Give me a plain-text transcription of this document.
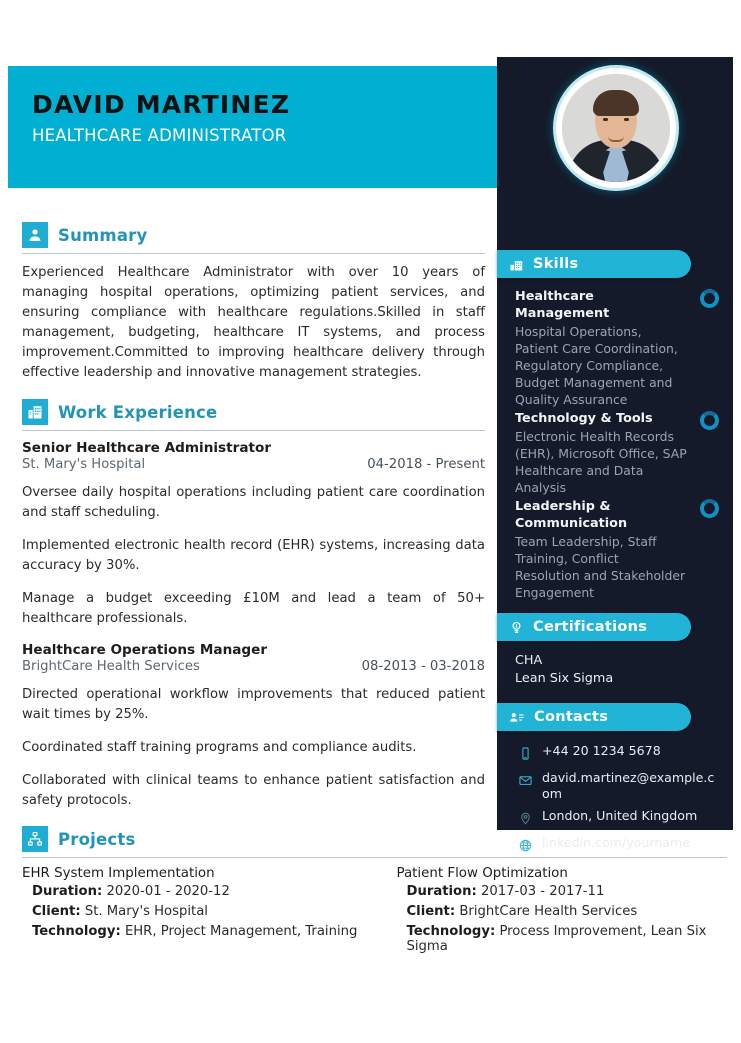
DAVID MARTINEZ
HEALTHCARE ADMINISTRATOR
Summary

Experienced Healthcare Administrator with over 10 years of managing hospital operations, optimizing patient services, and ensuring compliance with healthcare regulations.Skilled in staff management, budgeting, healthcare IT systems, and process improvement.Committed to improving healthcare delivery through effective leadership and innovative management strategies.

Work Experience

Senior Healthcare Administrator

St. Mary's Hospital	04-2018 - Present

Oversee daily hospital operations including patient care coordination and staff scheduling.

Implemented electronic health record (EHR) systems, increasing data accuracy by 30%.

Manage a budget exceeding £10M and lead a team of 50+ healthcare professionals.

Healthcare Operations Manager

BrightCare Health Services	08-2013 - 03-2018

Directed operational workflow improvements that reduced patient wait times by 25%.

Coordinated staff training programs and compliance audits.

Collaborated with clinical teams to enhance patient satisfaction and safety protocols.

Skills

Healthcare Management

Hospital Operations, Patient Care Coordination, Regulatory Compliance, Budget Management and Quality Assurance

Technology & Tools

Electronic Health Records (EHR), Microsoft Office, SAP Healthcare and Data Analysis

Leadership & Communication

Team Leadership, Staff Training, Conflict Resolution and Stakeholder Engagement

Certifications

CHA

Lean Six Sigma

Contacts
+44 20 1234 5678
david.martinez@example.com
London, United Kingdom
linkedin.com/yourname
Projects

EHR System Implementation

Duration: 2020-01 - 2020-12

Client: St. Mary's Hospital

Technology: EHR, Project Management, Training

Patient Flow Optimization

Duration: 2017-03 - 2017-11

Client: BrightCare Health Services

Technology: Process Improvement, Lean Six Sigma
